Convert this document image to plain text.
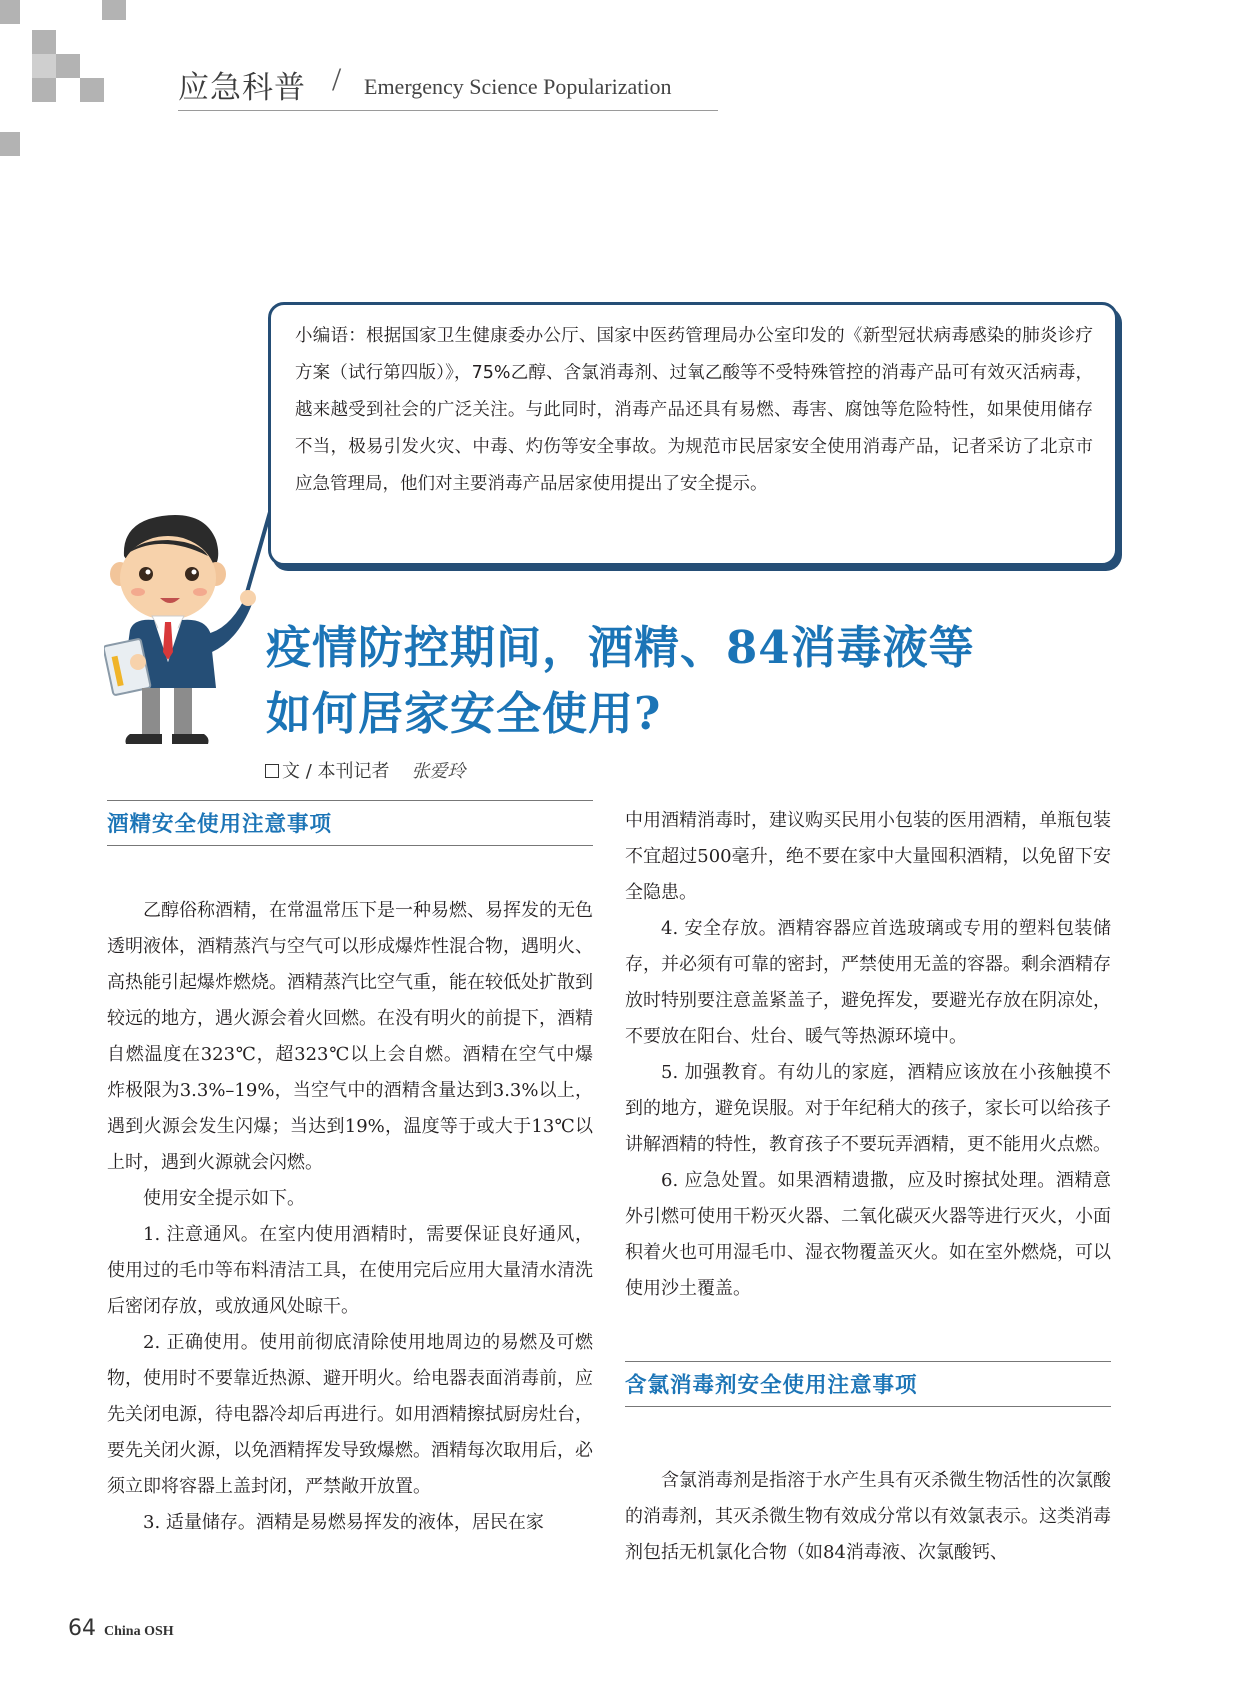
应急科普 / Emergency Science Popularization

小编语：根据国家卫生健康委办公厅、国家中医药管理局办公室印发的《新型冠状病毒感染的肺炎诊疗方案（试行第四版）》，75%乙醇、含氯消毒剂、过氧乙酸等不受特殊管控的消毒产品可有效灭活病毒，越来越受到社会的广泛关注。与此同时，消毒产品还具有易燃、毒害、腐蚀等危险特性，如果使用储存不当，极易引发火灾、中毒、灼伤等安全事故。为规范市民居家安全使用消毒产品，记者采访了北京市应急管理局，他们对主要消毒产品居家使用提出了安全提示。

疫情防控期间，酒精、84消毒液等
如何居家安全使用?
文 / 本刊记者 张爱玲
酒精安全使用注意事项

乙醇俗称酒精，在常温常压下是一种易燃、易挥发的无色透明液体，酒精蒸汽与空气可以形成爆炸性混合物，遇明火、高热能引起爆炸燃烧。酒精蒸汽比空气重，能在较低处扩散到较远的地方，遇火源会着火回燃。在没有明火的前提下，酒精自燃温度在323℃，超323℃以上会自燃。酒精在空气中爆炸极限为3.3%–19%，当空气中的酒精含量达到3.3%以上，遇到火源会发生闪爆；当达到19%，温度等于或大于13℃以上时，遇到火源就会闪燃。

使用安全提示如下。

1. 注意通风。在室内使用酒精时，需要保证良好通风，使用过的毛巾等布料清洁工具，在使用完后应用大量清水清洗后密闭存放，或放通风处晾干。

2. 正确使用。使用前彻底清除使用地周边的易燃及可燃物，使用时不要靠近热源、避开明火。给电器表面消毒前，应先关闭电源，待电器冷却后再进行。如用酒精擦拭厨房灶台，要先关闭火源，以免酒精挥发导致爆燃。酒精每次取用后，必须立即将容器上盖封闭，严禁敞开放置。

3. 适量储存。酒精是易燃易挥发的液体，居民在家

中用酒精消毒时，建议购买民用小包装的医用酒精，单瓶包装不宜超过500毫升，绝不要在家中大量囤积酒精，以免留下安全隐患。

4. 安全存放。酒精容器应首选玻璃或专用的塑料包装储存，并必须有可靠的密封，严禁使用无盖的容器。剩余酒精存放时特别要注意盖紧盖子，避免挥发，要避光存放在阴凉处，不要放在阳台、灶台、暖气等热源环境中。

5. 加强教育。有幼儿的家庭，酒精应该放在小孩触摸不到的地方，避免误服。对于年纪稍大的孩子，家长可以给孩子讲解酒精的特性，教育孩子不要玩弄酒精，更不能用火点燃。

6. 应急处置。如果酒精遗撒，应及时擦拭处理。酒精意外引燃可使用干粉灭火器、二氧化碳灭火器等进行灭火，小面积着火也可用湿毛巾、湿衣物覆盖灭火。如在室外燃烧，可以使用沙土覆盖。

含氯消毒剂安全使用注意事项

含氯消毒剂是指溶于水产生具有灭杀微生物活性的次氯酸的消毒剂，其灭杀微生物有效成分常以有效氯表示。这类消毒剂包括无机氯化合物（如84消毒液、次氯酸钙、

64 China OSH
